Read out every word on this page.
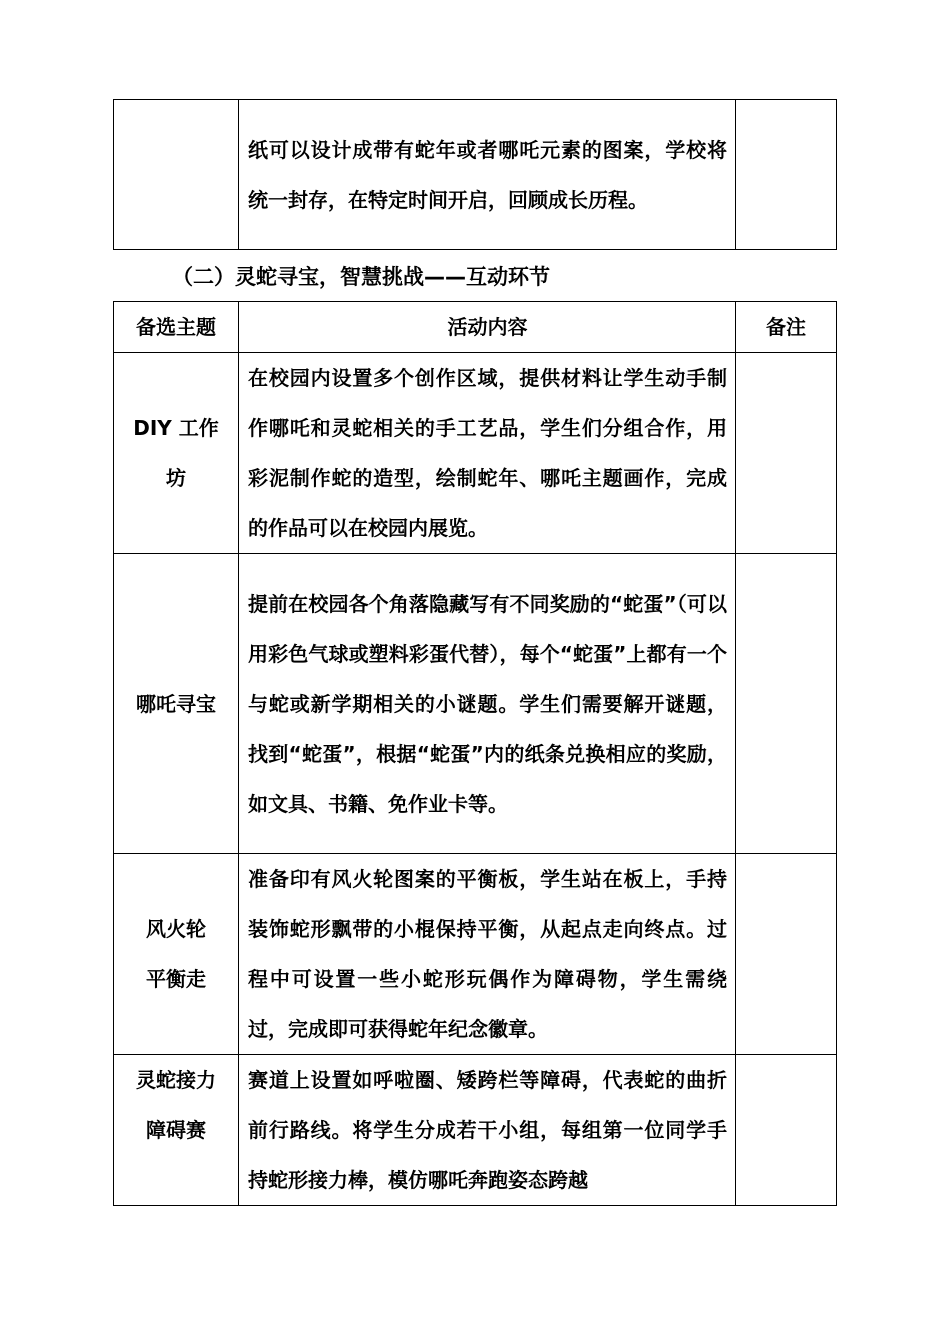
	纸可以设计成带有蛇年或者哪吒元素的图案，学校将统一封存，在特定时间开启，回顾成长历程。	
（二）灵蛇寻宝，智慧挑战——互动环节
备选主题	活动内容	备注

DIY 工作
坊	在校园内设置多个创作区域，提供材料让学生动手制作哪吒和灵蛇相关的手工艺品，学生们分组合作，用彩泥制作蛇的造型，绘制蛇年、哪吒主题画作，完成的作品可以在校园内展览。	

哪吒寻宝	提前在校园各个角落隐藏写有不同奖励的“蛇蛋”（可以用彩色气球或塑料彩蛋代替），每个“蛇蛋”上都有一个与蛇或新学期相关的小谜题。学生们需要解开谜题，找到“蛇蛋”，根据“蛇蛋”内的纸条兑换相应的奖励，如文具、书籍、免作业卡等。	

风火轮
平衡走	准备印有风火轮图案的平衡板，学生站在板上，手持装饰蛇形飘带的小棍保持平衡，从起点走向终点。过程中可设置一些小蛇形玩偶作为障碍物，学生需绕过，完成即可获得蛇年纪念徽章。	

灵蛇接力
障碍赛	赛道上设置如呼啦圈、矮跨栏等障碍，代表蛇的曲折前行路线。将学生分成若干小组，每组第一位同学手持蛇形接力棒，模仿哪吒奔跑姿态跨越	
